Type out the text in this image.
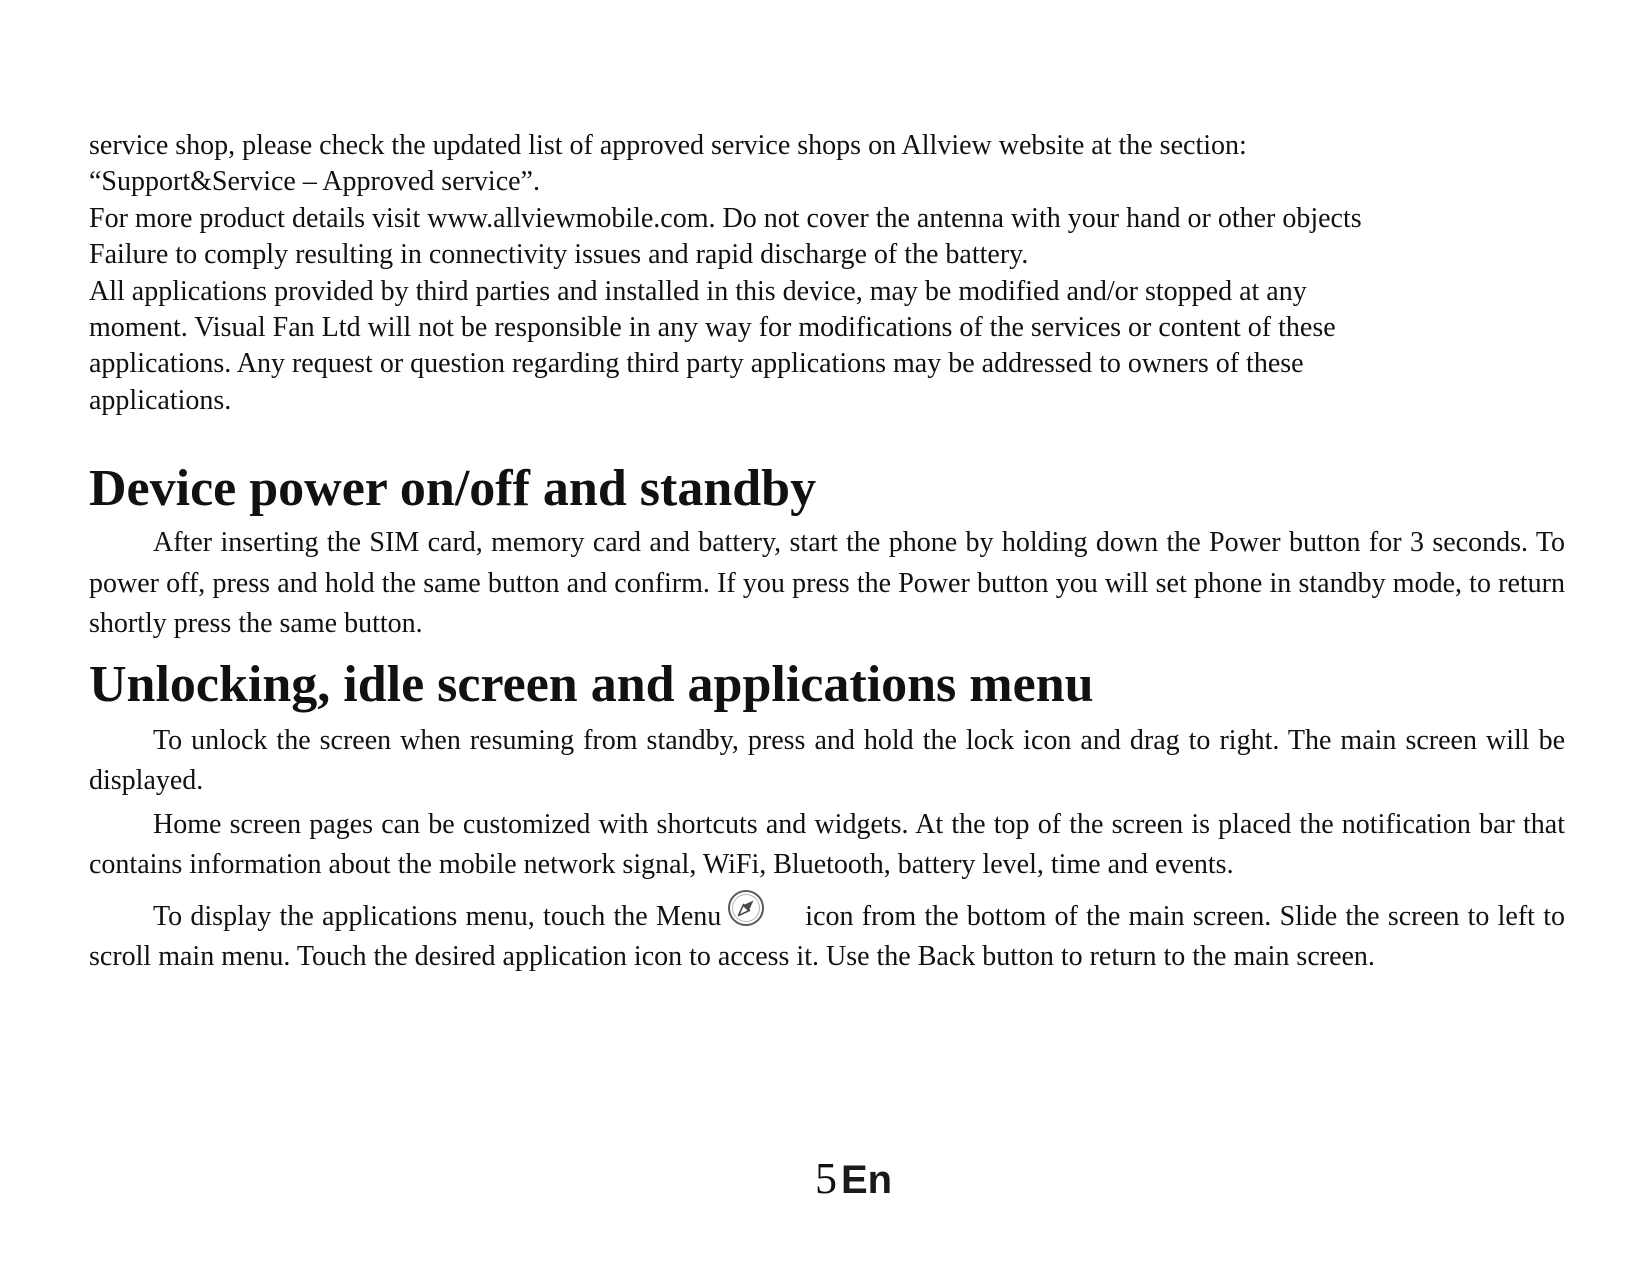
service shop, please check the updated list of approved service shops on Allview website at the section:
“Support&Service – Approved service”.
For more product details visit www.allviewmobile.com. Do not cover the antenna with your hand or other objects
Failure to comply resulting in connectivity issues and rapid discharge of the battery.
All applications provided by third parties and installed in this device, may be modified and/or stopped at any
moment. Visual Fan Ltd will not be responsible in any way for modifications of the services or content of these
applications. Any request or question regarding third party applications may be addressed to owners of these
applications.
Device power on/off and standby

After inserting the SIM card, memory card and battery, start the phone by holding down the Power button for 3 seconds. To power off, press and hold the same button and confirm. If you press the Power button you will set phone in standby mode, to return shortly press the same button.

Unlocking, idle screen and applications menu

To unlock the screen when resuming from standby, press and hold the lock icon and drag to right. The main screen will be displayed.

Home screen pages can be customized with shortcuts and widgets. At the top of the screen is placed the notification bar that contains information about the mobile network signal, WiFi, Bluetooth, battery level, time and events.

To display the applications menu, touch the Menu	icon from the bottom of the main screen. Slide the screen to left to scroll main menu. Touch the desired application icon to access it. Use the Back button to return to the main screen.

5 En
